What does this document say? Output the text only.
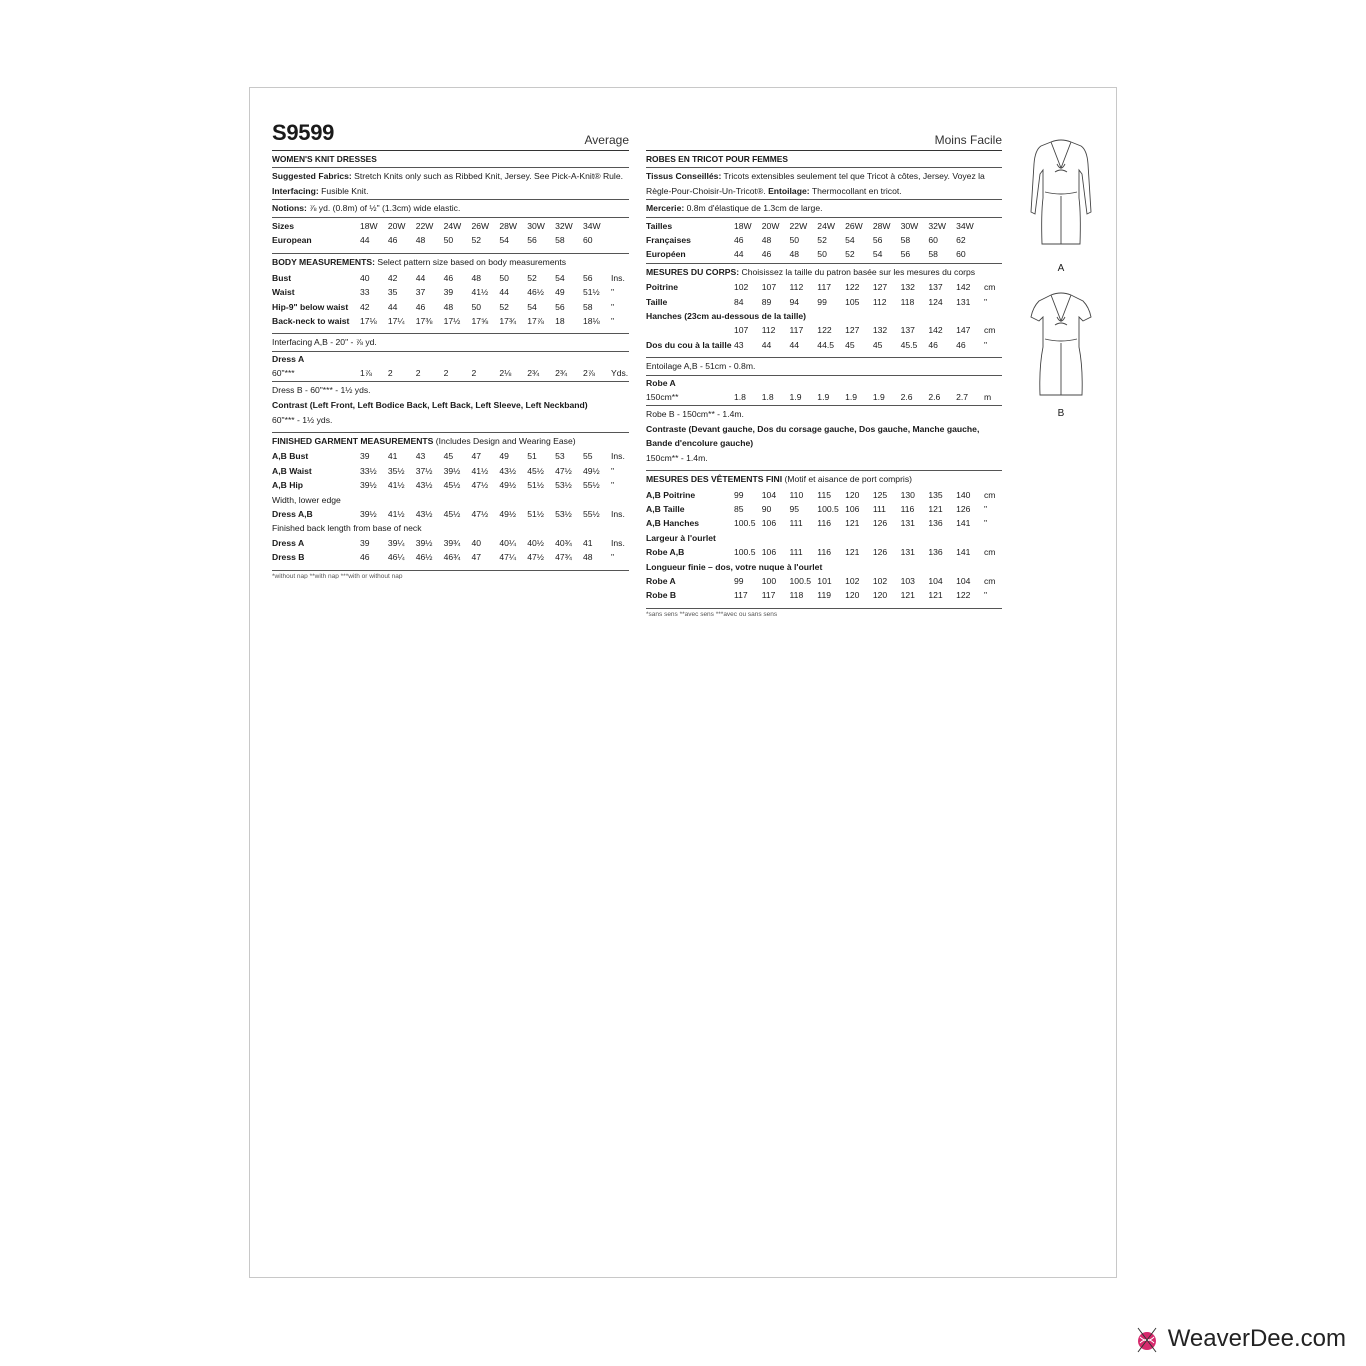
S9599	Average
WOMEN'S KNIT DRESSES
Suggested Fabrics: Stretch Knits only such as Ribbed Knit, Jersey. See Pick-A-Knit® Rule. Interfacing: Fusible Knit.
Notions: ⅞ yd. (0.8m) of ½" (1.3cm) wide elastic.
Sizes	18W	20W	22W	24W	26W	28W	30W	32W	34W	
European	44	46	48	50	52	54	56	58	60	
BODY MEASUREMENTS: Select pattern size based on body measurements
Bust	40	42	44	46	48	50	52	54	56	Ins.
Waist	33	35	37	39	41½	44	46½	49	51½	"
Hip-9" below waist	42	44	46	48	50	52	54	56	58	"
Back-neck to waist	17⅛	17¼	17⅜	17½	17⅝	17¾	17⅞	18	18⅛	"
Interfacing A,B - 20" - ⅞ yd.
Dress A
60"***	1⅞	2	2	2	2	2⅛	2¾	2¾	2⅞	Yds.
Dress B - 60"*** - 1½ yds.
Contrast (Left Front, Left Bodice Back, Left Back, Left Sleeve, Left Neckband)
60"*** - 1½ yds.
FINISHED GARMENT MEASUREMENTS (Includes Design and Wearing Ease)
A,B Bust	39	41	43	45	47	49	51	53	55	Ins.
A,B Waist	33½	35½	37½	39½	41½	43½	45½	47½	49½	"
A,B Hip	39½	41½	43½	45½	47½	49½	51½	53½	55½	"
Width, lower edge
Dress A,B	39½	41½	43½	45½	47½	49½	51½	53½	55½	Ins.
Finished back length from base of neck
Dress A	39	39¼	39½	39¾	40	40¼	40½	40¾	41	Ins.
Dress B	46	46¼	46½	46¾	47	47¼	47½	47¾	48	"
*without nap **with nap ***with or without nap
Moins Facile
ROBES EN TRICOT POUR FEMMES
Tissus Conseillés: Tricots extensibles seulement tel que Tricot à côtes, Jersey. Voyez la Règle-Pour-Choisir-Un-Tricot®. Entoilage: Thermocollant en tricot.
Mercerie: 0.8m d'élastique de 1.3cm de large.
Tailles	18W	20W	22W	24W	26W	28W	30W	32W	34W	
Françaises	46	48	50	52	54	56	58	60	62	
Européen	44	46	48	50	52	54	56	58	60	
MESURES DU CORPS: Choisissez la taille du patron basée sur les mesures du corps
Poitrine	102	107	112	117	122	127	132	137	142	cm
Taille	84	89	94	99	105	112	118	124	131	"
Hanches (23cm au-dessous de la taille)
	107	112	117	122	127	132	137	142	147	cm
Dos du cou à la taille	43	44	44	44.5	45	45	45.5	46	46	"
Entoilage A,B - 51cm - 0.8m.
Robe A
150cm**	1.8	1.8	1.9	1.9	1.9	1.9	2.6	2.6	2.7	m
Robe B - 150cm** - 1.4m.
Contraste (Devant gauche, Dos du corsage gauche, Dos gauche, Manche gauche, Bande d'encolure gauche)
150cm** - 1.4m.
MESURES DES VÊTEMENTS FINI (Motif et aisance de port compris)
A,B Poitrine	99	104	110	115	120	125	130	135	140	cm
A,B Taille	85	90	95	100.5	106	111	116	121	126	"
A,B Hanches	100.5	106	111	116	121	126	131	136	141	"
Largeur à l'ourlet
Robe A,B	100.5	106	111	116	121	126	131	136	141	cm
Longueur finie – dos, votre nuque à l'ourlet
Robe A	99	100	100.5	101	102	102	103	104	104	cm
Robe B	117	117	118	119	120	120	121	121	122	"
*sans sens **avec sens ***avec ou sans sens
A
B
WeaverDee.com
